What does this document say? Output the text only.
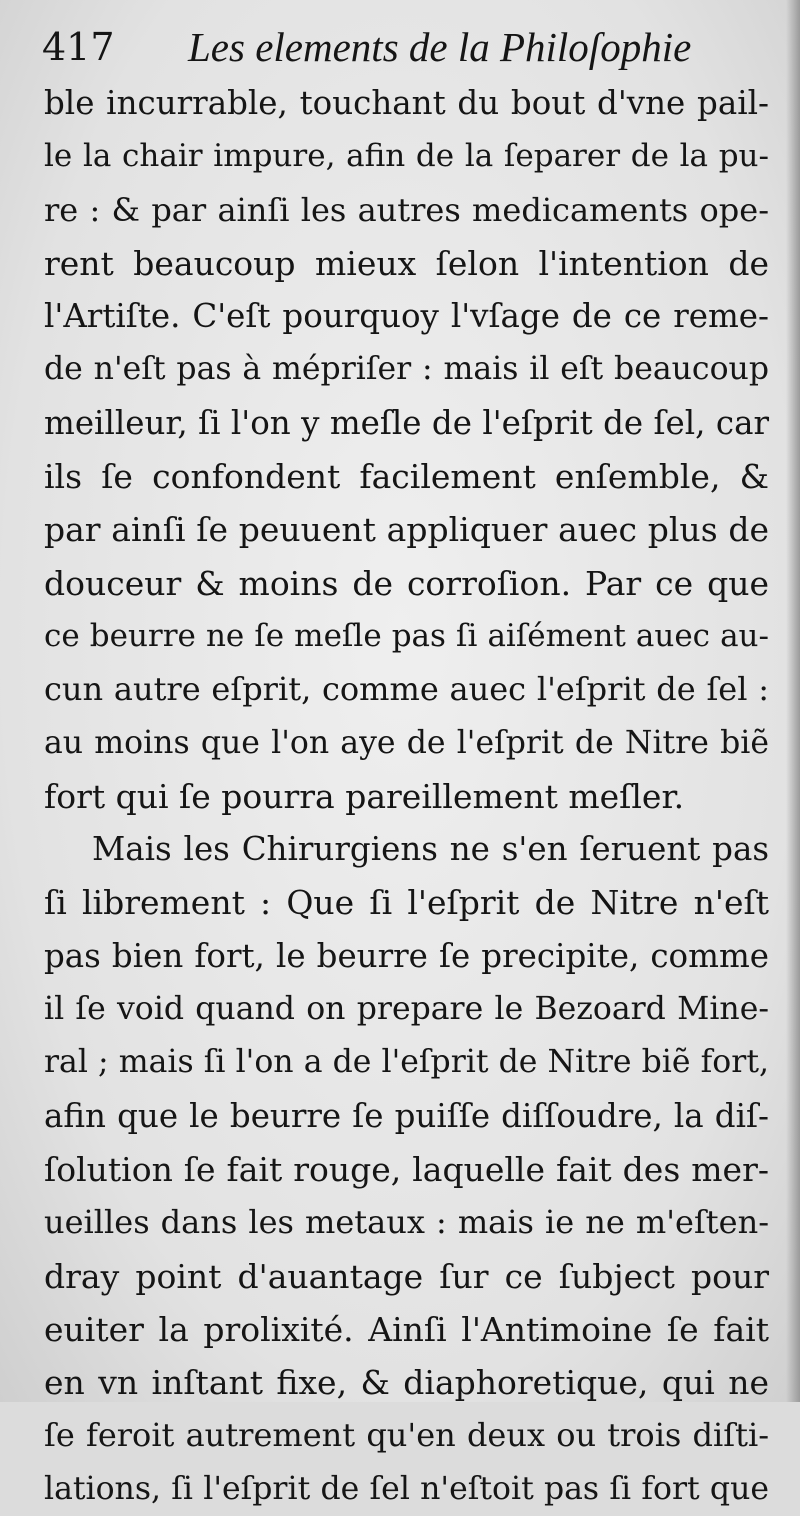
417 Les elements de la Philoſophie
ble incurrable, touchant du bout d'vne pail-
le la chair impure, afin de la ſeparer de la pu-
re : & par ainſi les autres medicaments ope-
rent beaucoup mieux ſelon l'intention de
l'Artiſte. C'eſt pourquoy l'vſage de ce reme-
de n'eſt pas à mépriſer : mais il eſt beaucoup
meilleur, ſi l'on y meſle de l'eſprit de ſel, car
ils ſe confondent facilement enſemble, &
par ainſi ſe peuuent appliquer auec plus de
douceur & moins de corroſion. Par ce que
ce beurre ne ſe meſle pas ſi aiſément auec au-
cun autre eſprit, comme auec l'eſprit de ſel :
au moins que l'on aye de l'eſprit de Nitre biẽ
fort qui ſe pourra pareillement meſler.
Mais les Chirurgiens ne s'en ſeruent pas
ſi librement : Que ſi l'eſprit de Nitre n'eſt
pas bien fort, le beurre ſe precipite, comme
il ſe void quand on prepare le Bezoard Mine-
ral ; mais ſi l'on a de l'eſprit de Nitre biẽ fort,
afin que le beurre ſe puiſſe diſſoudre, la diſ-
ſolution ſe fait rouge, laquelle fait des mer-
ueilles dans les metaux : mais ie ne m'eſten-
dray point d'auantage ſur ce ſubject pour
euiter la prolixité. Ainſi l'Antimoine ſe fait
en vn inſtant fixe, & diaphoretique, qui ne
ſe feroit autrement qu'en deux ou trois diſti-
lations, ſi l'eſprit de ſel n'eſtoit pas ſi fort que
